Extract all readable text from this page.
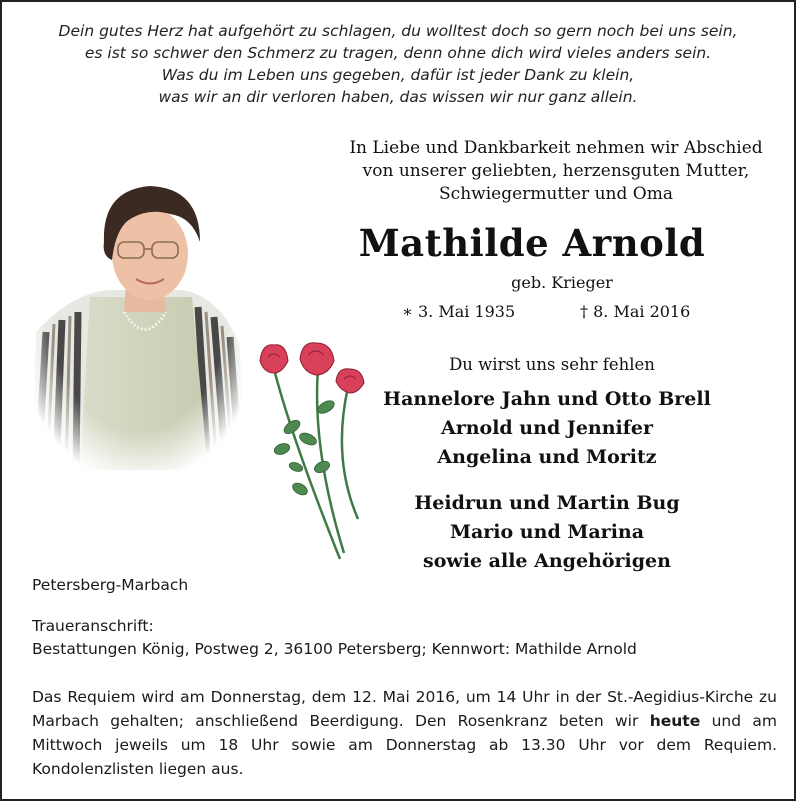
Dein gutes Herz hat aufgehört zu schlagen, du wolltest doch so gern noch bei uns sein,
es ist so schwer den Schmerz zu tragen, denn ohne dich wird vieles anders sein.
Was du im Leben uns gegeben, dafür ist jeder Dank zu klein,
was wir an dir verloren haben, das wissen wir nur ganz allein.
In Liebe und Dankbarkeit nehmen wir Abschied
von unserer geliebten, herzensguten Mutter,
Schwiegermutter und Oma
Mathilde Arnold
geb. Krieger
∗ 3. Mai 1935	† 8. Mai 2016
Du wirst uns sehr fehlen
Hannelore Jahn und Otto Brell
Arnold und Jennifer
Angelina und Moritz
Heidrun und Martin Bug
Mario und Marina
sowie alle Angehörigen
Petersberg-Marbach
Traueranschrift:
Bestattungen König, Postweg 2, 36100 Petersberg; Kennwort: Mathilde Arnold
Das Requiem wird am Donnerstag, dem 12. Mai 2016, um 14 Uhr in der St.-Aegidius-Kirche zu Marbach gehalten; anschließend Beerdigung. Den Rosenkranz beten wir heute und am Mittwoch jeweils um 18 Uhr sowie am Donnerstag ab 13.30 Uhr vor dem Requiem. Kondolenzlisten liegen aus.
